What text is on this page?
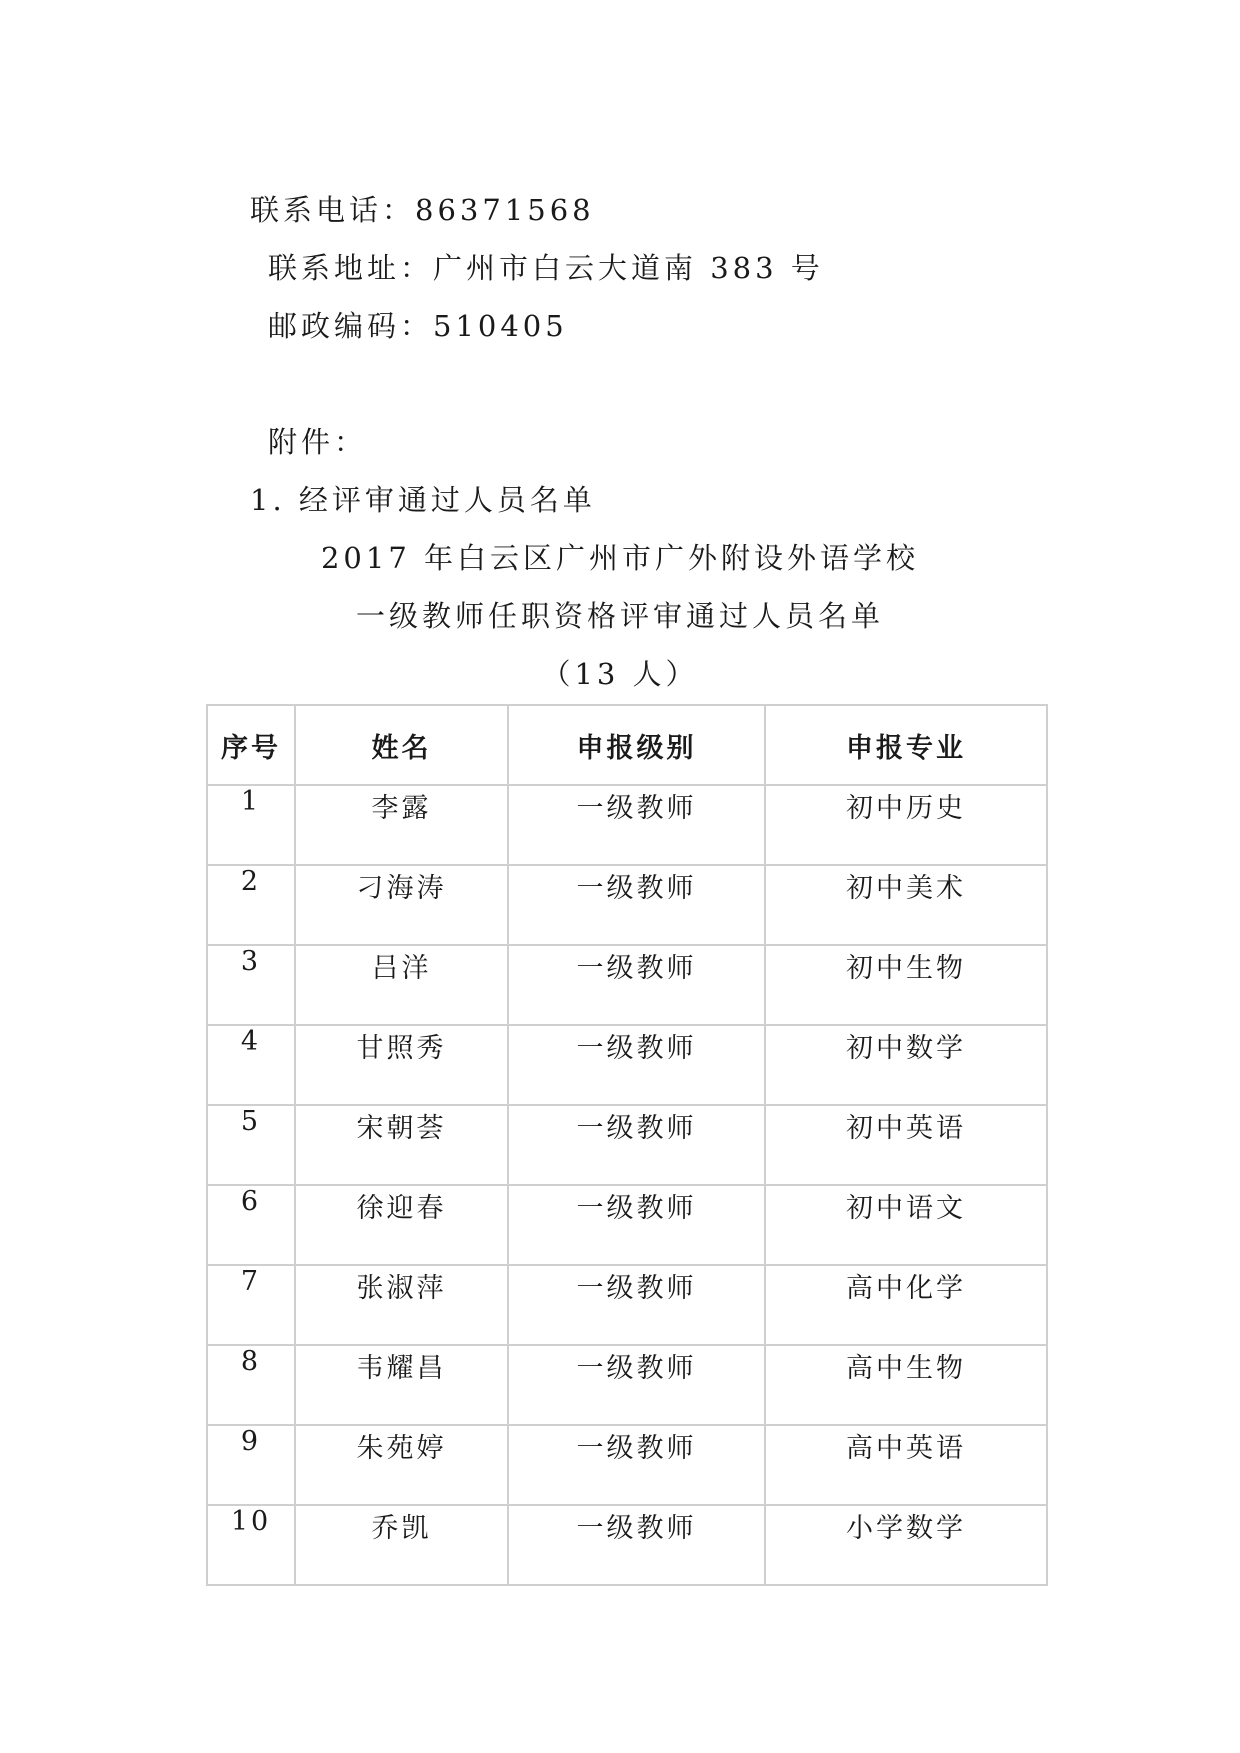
联系电话：86371568
联系地址：广州市白云大道南 383 号
邮政编码：510405
附件：
1. 经评审通过人员名单
2017 年白云区广州市广外附设外语学校
一级教师任职资格评审通过人员名单
（13 人）
序号	姓名	申报级别	申报专业
1	李露	一级教师	初中历史
2	刁海涛	一级教师	初中美术
3	吕洋	一级教师	初中生物
4	甘照秀	一级教师	初中数学
5	宋朝荟	一级教师	初中英语
6	徐迎春	一级教师	初中语文
7	张淑萍	一级教师	高中化学
8	韦耀昌	一级教师	高中生物
9	朱苑婷	一级教师	高中英语
10	乔凯	一级教师	小学数学
